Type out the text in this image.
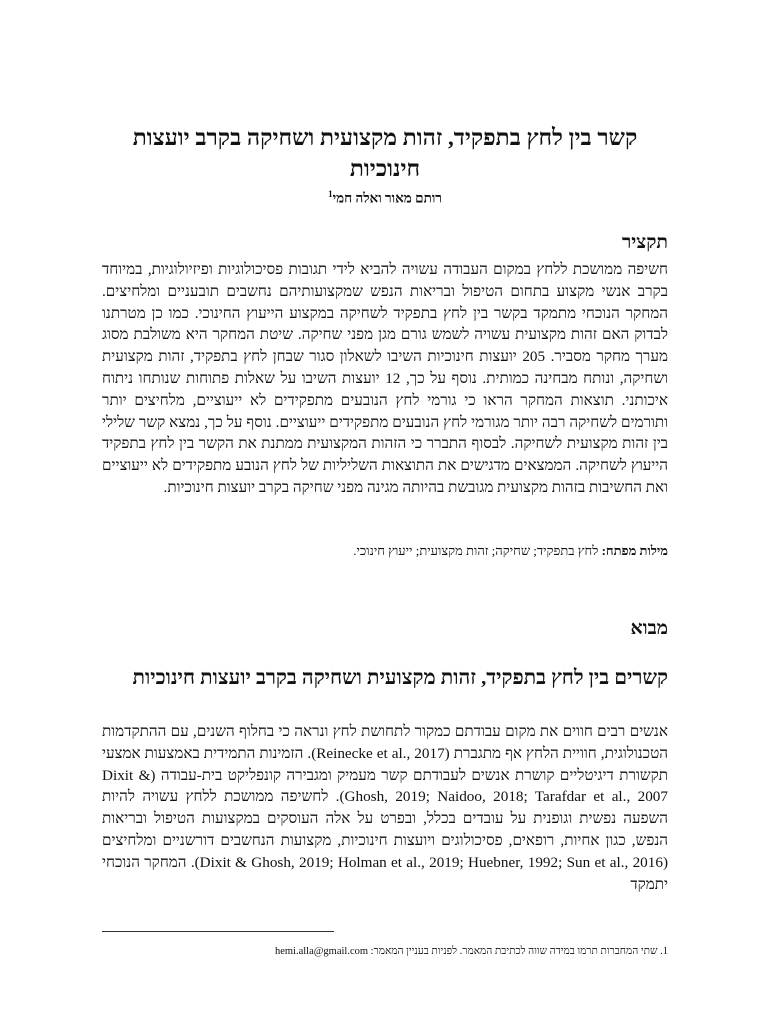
קשר בין לחץ בתפקיד, זהות מקצועית ושחיקה בקרב יועצות חינוכיות
רותם מאור ואלה חמי$^1$
תקציר

חשיפה ממושכת ללחץ במקום העבודה עשויה להביא לידי תגובות פסיכולוגיות ופיזיולוגיות, במיוחד בקרב אנשי מקצוע בתחום הטיפול ובריאות הנפש שמקצועותיהם נחשבים תובעניים ומלחיצים. המחקר הנוכחי מתמקד בקשר בין לחץ בתפקיד לשחיקה במקצוע הייעוץ החינוכי. כמו כן מטרתנו לבדוק האם זהות מקצועית עשויה לשמש גורם מגן מפני שחיקה. שיטת המחקר היא משולבת מסוג מערך מחקר מסביר. 205 יועצות חינוכיות השיבו לשאלון סגור שבחן לחץ בתפקיד, זהות מקצועית ושחיקה, ונותח מבחינה כמותית. נוסף על כך, 12 יועצות השיבו על שאלות פתוחות שנותחו ניתוח איכותני. תוצאות המחקר הראו כי גורמי לחץ הנובעים מתפקידים לא ייעוציים, מלחיצים יותר ותורמים לשחיקה רבה יותר מגורמי לחץ הנובעים מתפקידים ייעוציים. נוסף על כך, נמצא קשר שלילי בין זהות מקצועית לשחיקה. לבסוף התברר כי הזהות המקצועית ממתנת את הקשר בין לחץ בתפקיד הייעוץ לשחיקה. הממצאים מדגישים את התוצאות השליליות של לחץ הנובע מתפקידים לא ייעוציים ואת החשיבות בזהות מקצועית מגובשת בהיותה מגינה מפני שחיקה בקרב יועצות חינוכיות.

מילות מפתח: לחץ בתפקיד; שחיקה; זהות מקצועית; ייעוץ חינוכי.
מבוא
קשרים בין לחץ בתפקיד, זהות מקצועית ושחיקה בקרב יועצות חינוכיות

אנשים רבים חווים את מקום עבודתם כמקור לתחושת לחץ ונראה כי בחלוף השנים, עם ההתקדמות הטכנולוגית, חוויית הלחץ אף מתגברת (Reinecke et al., 2017). הזמינות התמידית באמצעות אמצעי תקשורת דיגיטליים קושרת אנשים לעבודתם קשר מעמיק ומגבירה קונפליקט בית-עבודה (Dixit & Ghosh, 2019; Naidoo, 2018; Tarafdar et al., 2007). לחשיפה ממושכת ללחץ עשויה להיות השפעה נפשית וגופנית על עובדים בכלל, ובפרט על אלה העוסקים במקצועות הטיפול ובריאות הנפש, כגון אחיות, רופאים, פסיכולוגים ויועצות חינוכיות, מקצועות הנחשבים דורשניים ומלחיצים (Dixit & Ghosh, 2019; Holman et al., 2019; Huebner, 1992; Sun et al., 2016). המחקר הנוכחי יתמקד

1. שתי המחברות תרמו במידה שווה לכתיבת המאמר. לפניות בעניין המאמר: hemi.alla@gmail.com
